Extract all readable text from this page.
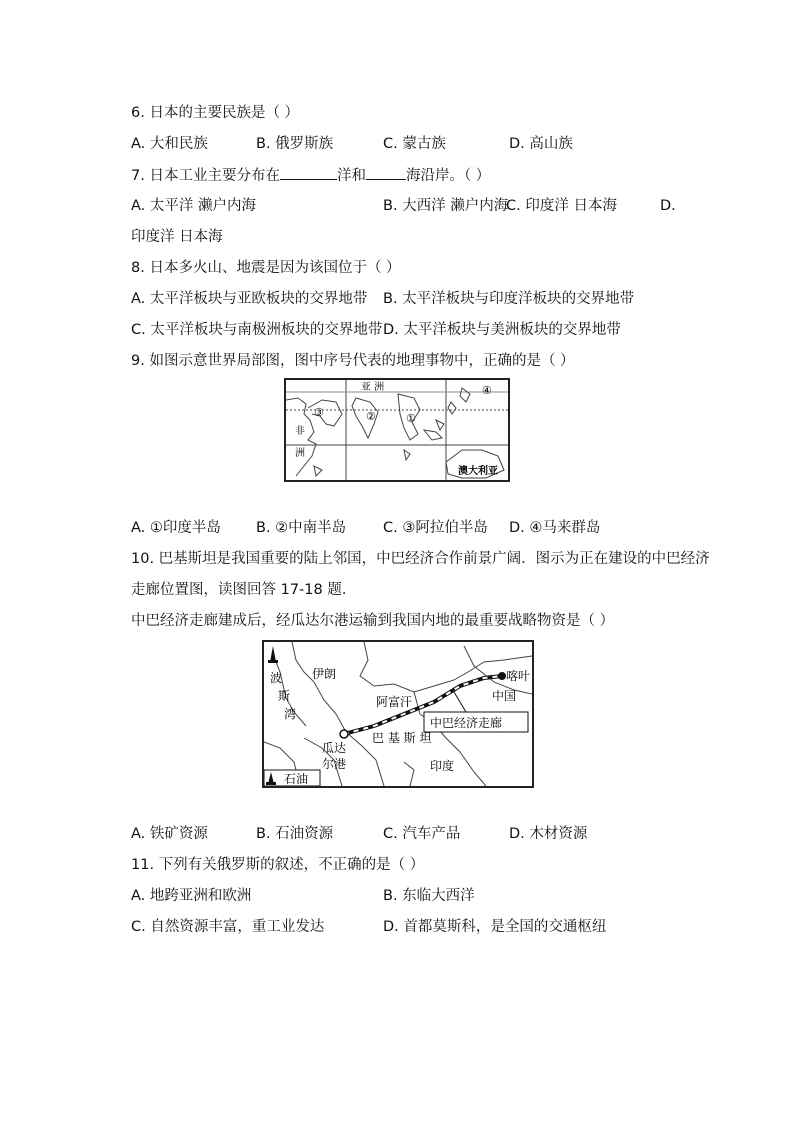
6. 日本的主要民族是（ ）
A. 大和民族	B. 俄罗斯族	C. 蒙古族	D. 高山族
7. 日本工业主要分布在	洋和	海沿岸。（ ）
A. 太平洋 濑户内海	B. 大西洋 濑户内海
C. 印度洋 日本海	D.
印度洋 日本海
8. 日本多火山、地震是因为该国位于（ ）
A. 太平洋板块与亚欧板块的交界地带 B. 太平洋板块与印度洋板块的交界地带
C. 太平洋板块与南极洲板块的交界地带 D. 太平洋板块与美洲板块的交界地带
9. 如图示意世界局部图，图中序号代表的地理事物中，正确的是（ ）
亚 洲
非
洲
澳大利亚
①
②
③
④
A. ①印度半岛 B. ②中南半岛	C. ③阿拉伯半岛 D. ④马来群岛
10. 巴基斯坦是我国重要的陆上邻国，中巴经济合作前景广阔．图示为正在建设的中巴经济
走廊位置图，读图回答 17-18 题．
中巴经济走廊建成后，经瓜达尔港运输到我国内地的最重要战略物资是（ ）
伊朗
阿富汗
喀叶
中国
巴 基 斯 坦
中巴经济走廊
瓜达
尔港	印度
波
斯
湾
石油
A. 铁矿资源	B. 石油资源	C. 汽车产品	D. 木材资源
11. 下列有关俄罗斯的叙述，不正确的是（ ）
A. 地跨亚洲和欧洲	B. 东临大西洋
C. 自然资源丰富，重工业发达	D. 首都莫斯科，是全国的交通枢纽
